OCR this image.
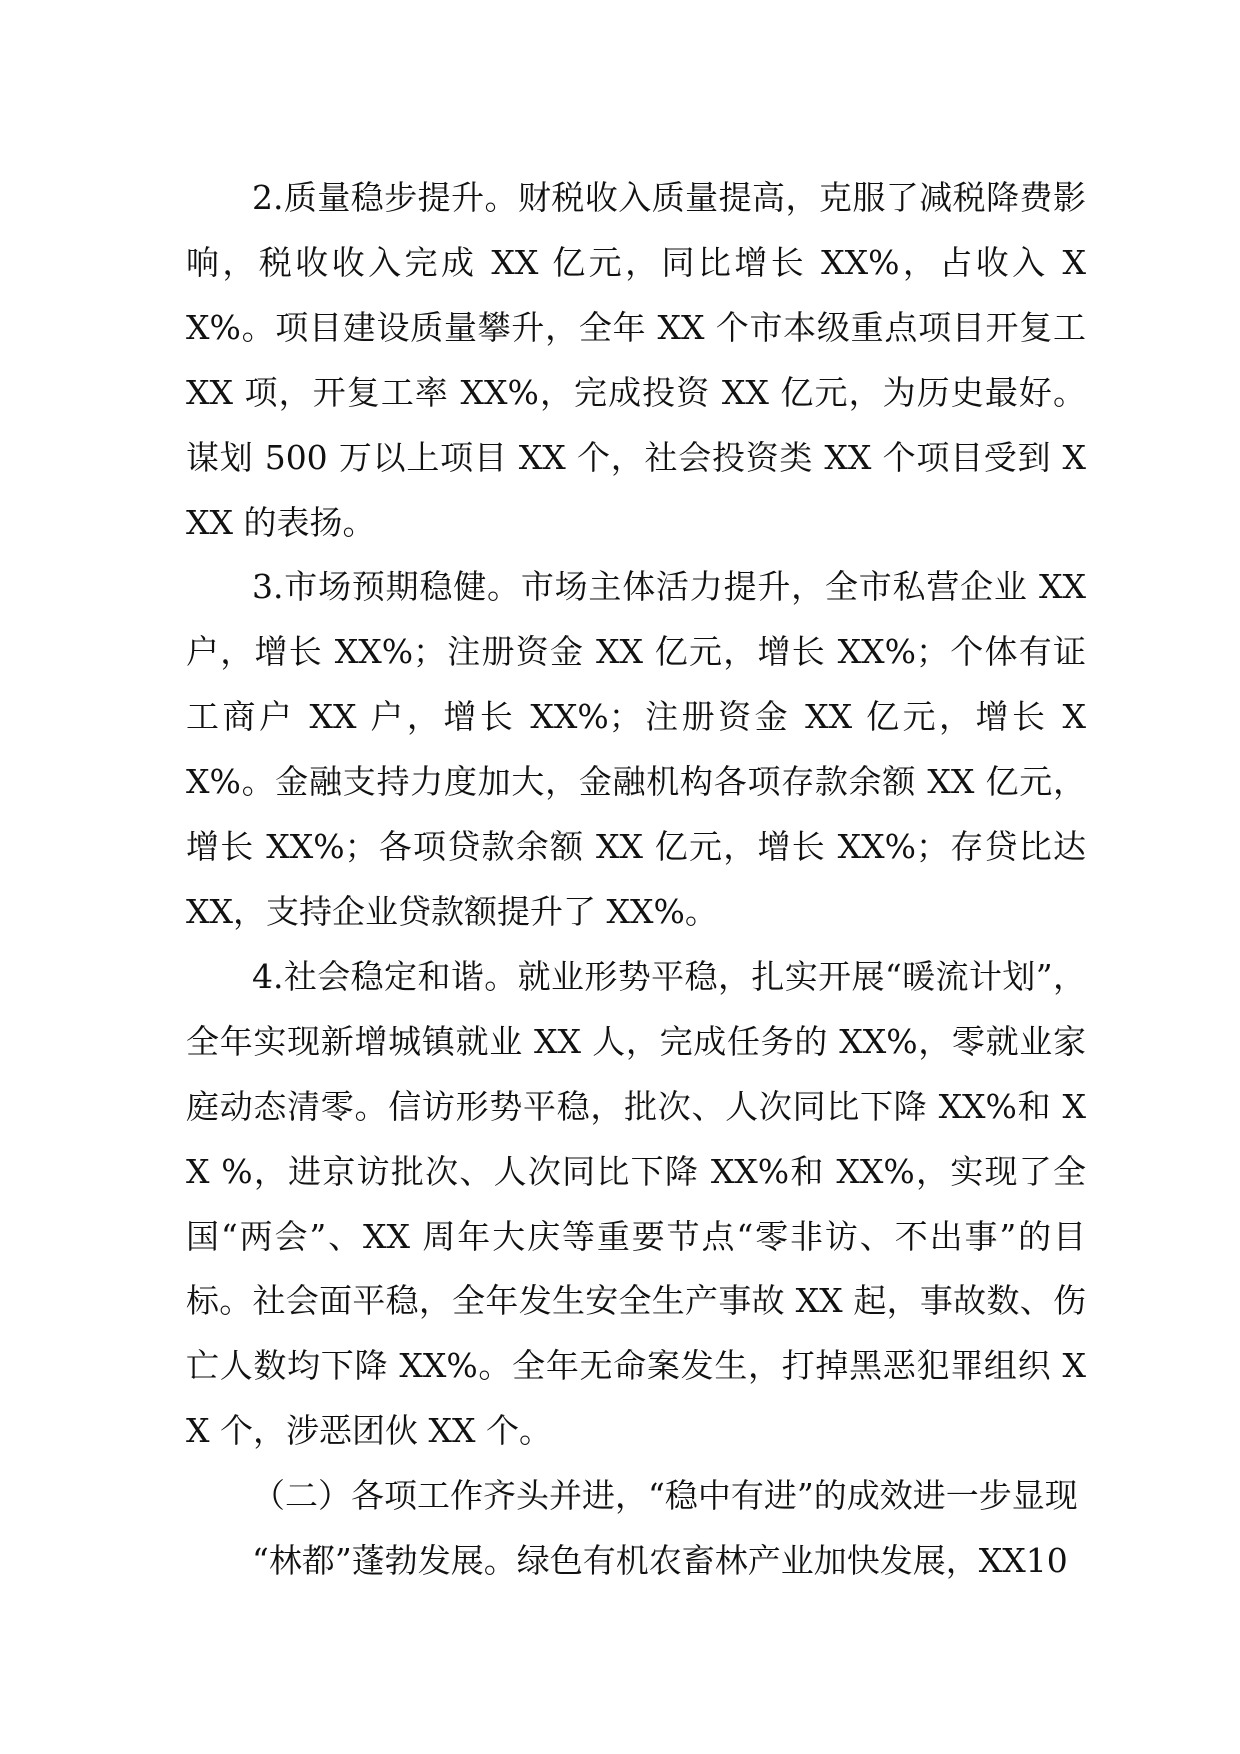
2.质量稳步提升。财税收入质量提高，克服了减税降费影响，税收收入完成 XX 亿元，同比增长 XX%，占收入 XX%。项目建设质量攀升，全年 XX 个市本级重点项目开复工 XX 项，开复工率 XX%，完成投资 XX 亿元，为历史最好。谋划 500 万以上项目 XX 个，社会投资类 XX 个项目受到 XXX 的表扬。

3.市场预期稳健。市场主体活力提升，全市私营企业 XX 户，增长 XX%；注册资金 XX 亿元，增长 XX%；个体有证工商户 XX 户，增长 XX%；注册资金 XX 亿元，增长 XX%。金融支持力度加大，金融机构各项存款余额 XX 亿元，增长 XX%；各项贷款余额 XX 亿元，增长 XX%；存贷比达 XX，支持企业贷款额提升了 XX%。

4.社会稳定和谐。就业形势平稳，扎实开展“暖流计划”，全年实现新增城镇就业 XX 人，完成任务的 XX%，零就业家庭动态清零。信访形势平稳，批次、人次同比下降 XX%和 XX %，进京访批次、人次同比下降 XX%和 XX%，实现了全国“两会”、XX 周年大庆等重要节点“零非访、不出事”的目标。社会面平稳，全年发生安全生产事故 XX 起，事故数、伤亡人数均下降 XX%。全年无命案发生，打掉黑恶犯罪组织 XX 个，涉恶团伙 XX 个。

（二）各项工作齐头并进，“稳中有进”的成效进一步显现

“林都”蓬勃发展。绿色有机农畜林产业加快发展，XX10
